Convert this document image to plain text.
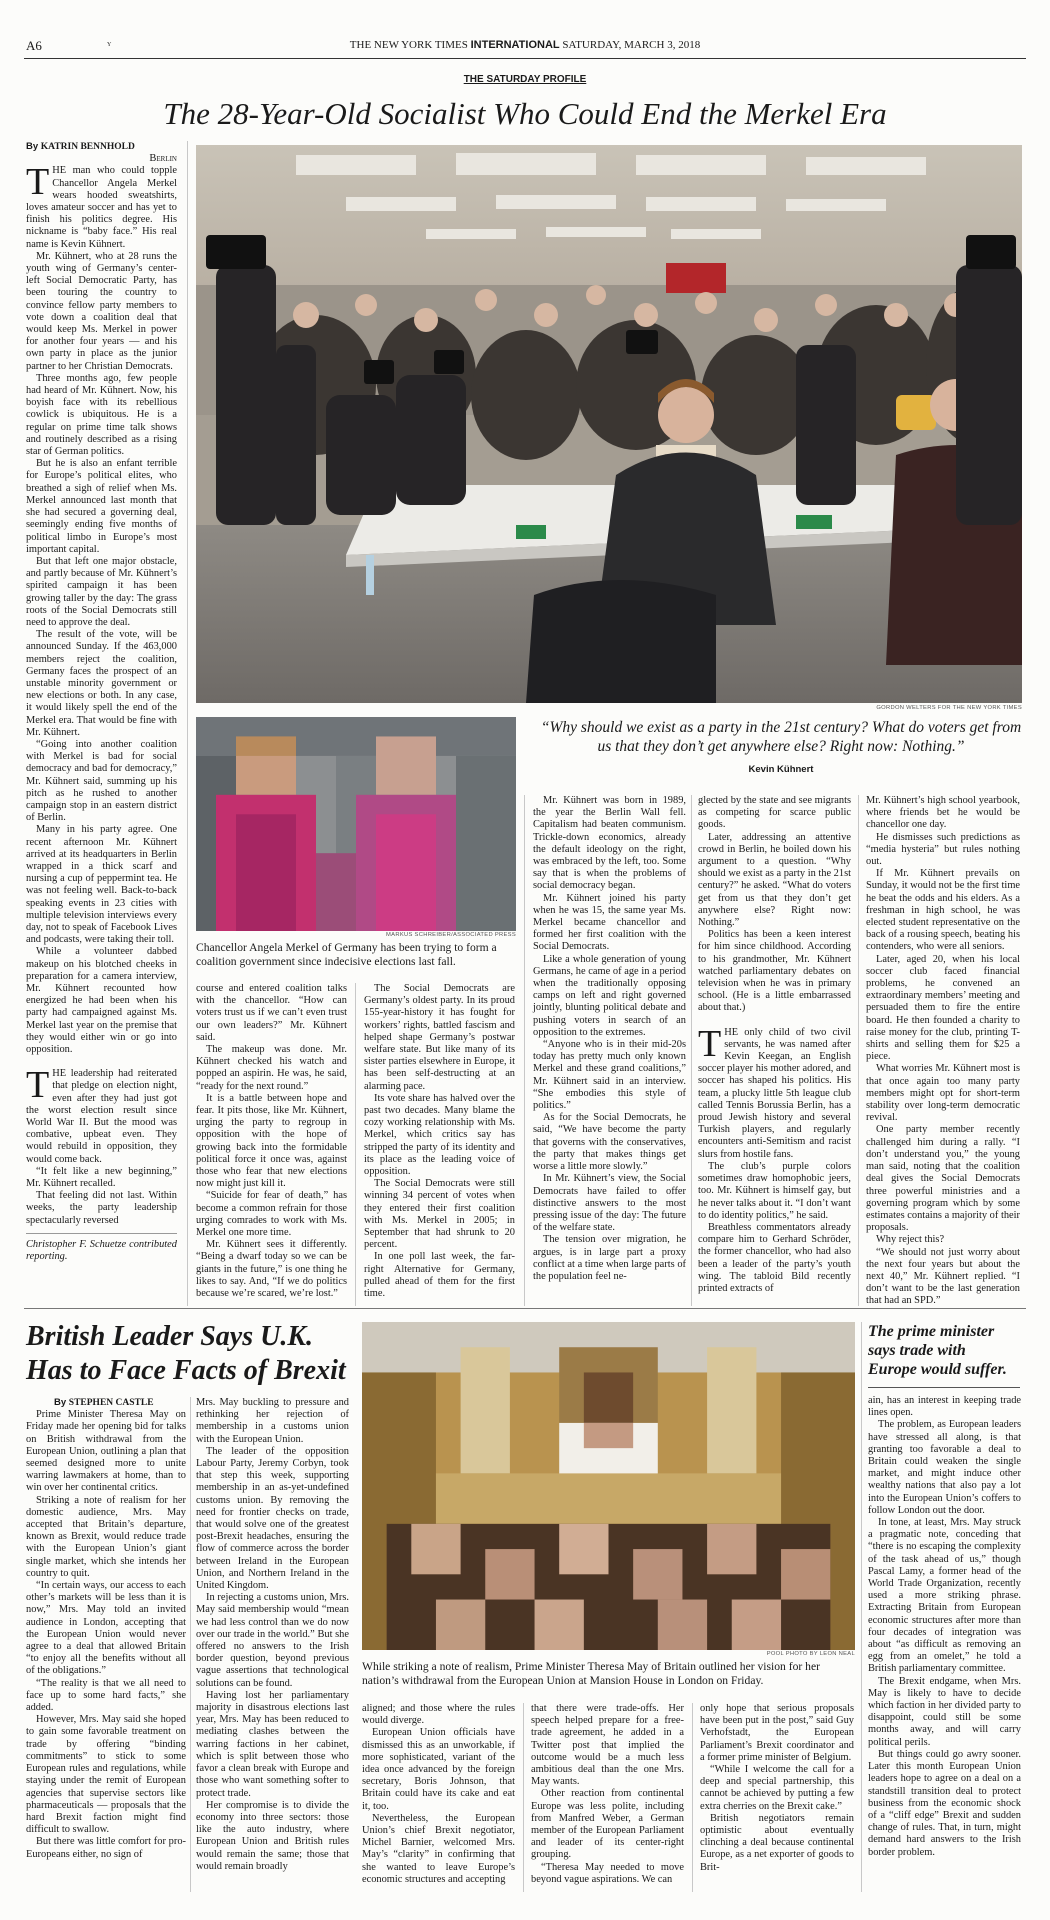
A6	Y	THE NEW YORK TIMES INTERNATIONAL SATURDAY, MARCH 3, 2018
THE SATURDAY PROFILE
The 28-Year-Old Socialist Who Could End the Merkel Era
By KATRIN BENNHOLD
Berlin

THE man who could topple Chancellor Angela Merkel wears hooded sweatshirts, loves amateur soccer and has yet to finish his politics degree. His nickname is “baby face.” His real name is Kevin Kühnert.

Mr. Kühnert, who at 28 runs the youth wing of Germany’s center-left Social Democratic Party, has been touring the country to convince fellow party members to vote down a coalition deal that would keep Ms. Merkel in power for another four years — and his own party in place as the junior partner to her Christian Democrats.

Three months ago, few people had heard of Mr. Kühnert. Now, his boyish face with its rebellious cowlick is ubiquitous. He is a regular on prime time talk shows and routinely described as a rising star of German politics.

But he is also an enfant terrible for Europe’s political elites, who breathed a sigh of relief when Ms. Merkel announced last month that she had secured a governing deal, seemingly ending five months of political limbo in Europe’s most important capital.

But that left one major obstacle, and partly because of Mr. Kühnert’s spirited campaign it has been growing taller by the day: The grass roots of the Social Democrats still need to approve the deal.

The result of the vote, will be announced Sunday. If the 463,000 members reject the coalition, Germany faces the prospect of an unstable minority government or new elections or both. In any case, it would likely spell the end of the Merkel era. That would be fine with Mr. Kühnert.

“Going into another coalition with Merkel is bad for social democracy and bad for democracy,” Mr. Kühnert said, summing up his pitch as he rushed to another campaign stop in an eastern district of Berlin.

Many in his party agree. One recent afternoon Mr. Kühnert arrived at its headquarters in Berlin wrapped in a thick scarf and nursing a cup of peppermint tea. He was not feeling well. Back-to-back speaking events in 23 cities with multiple television interviews every day, not to speak of Facebook Lives and podcasts, were taking their toll.

While a volunteer dabbed makeup on his blotched cheeks in preparation for a camera interview, Mr. Kühnert recounted how energized he had been when his party had campaigned against Ms. Merkel last year on the premise that they would either win or go into opposition.

THE leadership had reiterated that pledge on election night, even after they had just got the worst election result since World War II. But the mood was combative, upbeat even. They would rebuild in opposition, they would come back.

“It felt like a new beginning,” Mr. Kühnert recalled.

That feeling did not last. Within weeks, the party leadership spectacularly reversed

Christopher F. Schuetze contributed reporting.

GORDON WELTERS FOR THE NEW YORK TIMES
MARKUS SCHREIBER/ASSOCIATED PRESS
Chancellor Angela Merkel of Germany has been trying to form a coalition government since indecisive elections last fall.
“Why should we exist as a party in the 21st century? What do voters get from us that they don’t get anywhere else? Right now: Nothing.”
Kevin Kühnert

course and entered coalition talks with the chancellor. “How can voters trust us if we can’t even trust our own leaders?” Mr. Kühnert said.

The makeup was done. Mr. Kühnert checked his watch and popped an aspirin. He was, he said, “ready for the next round.”

It is a battle between hope and fear. It pits those, like Mr. Kühnert, urging the party to regroup in opposition with the hope of growing back into the formidable political force it once was, against those who fear that new elections now might just kill it.

“Suicide for fear of death,” has become a common refrain for those urging comrades to work with Ms. Merkel one more time.

Mr. Kühnert sees it differently. “Being a dwarf today so we can be giants in the future,” is one thing he likes to say. And, “If we do politics because we’re scared, we’re lost.”

The Social Democrats are Germany’s oldest party. In its proud 155-year-history it has fought for workers’ rights, battled fascism and helped shape Germany’s postwar welfare state. But like many of its sister parties elsewhere in Europe, it has been self-destructing at an alarming pace.

Its vote share has halved over the past two decades. Many blame the cozy working relationship with Ms. Merkel, which critics say has stripped the party of its identity and its place as the leading voice of opposition.

The Social Democrats were still winning 34 percent of votes when they entered their first coalition with Ms. Merkel in 2005; in September that had shrunk to 20 percent.

In one poll last week, the far-right Alternative for Germany, pulled ahead of them for the first time.

Mr. Kühnert was born in 1989, the year the Berlin Wall fell. Capitalism had beaten communism. Trickle-down economics, already the default ideology on the right, was embraced by the left, too. Some say that is when the problems of social democracy began.

Mr. Kühnert joined his party when he was 15, the same year Ms. Merkel became chancellor and formed her first coalition with the Social Democrats.

Like a whole generation of young Germans, he came of age in a period when the traditionally opposing camps on left and right governed jointly, blunting political debate and pushing voters in search of an opposition to the extremes.

“Anyone who is in their mid-20s today has pretty much only known Merkel and these grand coalitions,” Mr. Kühnert said in an interview. “She embodies this style of politics.”

As for the Social Democrats, he said, “We have become the party that governs with the conservatives, the party that makes things get worse a little more slowly.”

In Mr. Kühnert’s view, the Social Democrats have failed to offer distinctive answers to the most pressing issue of the day: The future of the welfare state.

The tension over migration, he argues, is in large part a proxy conflict at a time when large parts of the population feel ne-

glected by the state and see migrants as competing for scarce public goods.

Later, addressing an attentive crowd in Berlin, he boiled down his argument to a question. “Why should we exist as a party in the 21st century?” he asked. “What do voters get from us that they don’t get anywhere else? Right now: Nothing.”

Politics has been a keen interest for him since childhood. According to his grandmother, Mr. Kühnert watched parliamentary debates on television when he was in primary school. (He is a little embarrassed about that.)

THE only child of two civil servants, he was named after Kevin Keegan, an English soccer player his mother adored, and soccer has shaped his politics. His team, a plucky little 5th league club called Tennis Borussia Berlin, has a proud Jewish history and several Turkish players, and regularly encounters anti-Semitism and racist slurs from hostile fans.

The club’s purple colors sometimes draw homophobic jeers, too. Mr. Kühnert is himself gay, but he never talks about it. “I don’t want to do identity politics,” he said.

Breathless commentators already compare him to Gerhard Schröder, the former chancellor, who had also been a leader of the party’s youth wing. The tabloid Bild recently printed extracts of

Mr. Kühnert’s high school yearbook, where friends bet he would be chancellor one day.

He dismisses such predictions as “media hysteria” but rules nothing out.

If Mr. Kühnert prevails on Sunday, it would not be the first time he beat the odds and his elders. As a freshman in high school, he was elected student representative on the back of a rousing speech, beating his contenders, who were all seniors.

Later, aged 20, when his local soccer club faced financial problems, he convened an extraordinary members’ meeting and persuaded them to fire the entire board. He then founded a charity to raise money for the club, printing T-shirts and selling them for $25 a piece.

What worries Mr. Kühnert most is that once again too many party members might opt for short-term stability over long-term democratic revival.

One party member recently challenged him during a rally. “I don’t understand you,” the young man said, noting that the coalition deal gives the Social Democrats three powerful ministries and a governing program which by some estimates contains a majority of their proposals.

Why reject this?

“We should not just worry about the next four years but about the next 40,” Mr. Kühnert replied. “I don’t want to be the last generation that had an SPD.”

British Leader Says U.K. Has to Face Facts of Brexit
By STEPHEN CASTLE

Prime Minister Theresa May on Friday made her opening bid for talks on British withdrawal from the European Union, outlining a plan that seemed designed more to unite warring lawmakers at home, than to win over her continental critics.

Striking a note of realism for her domestic audience, Mrs. May accepted that Britain’s departure, known as Brexit, would reduce trade with the European Union’s giant single market, which she intends her country to quit.

“In certain ways, our access to each other’s markets will be less than it is now,” Mrs. May told an invited audience in London, accepting that the European Union would never agree to a deal that allowed Britain “to enjoy all the benefits without all of the obligations.”

“The reality is that we all need to face up to some hard facts,” she added.

However, Mrs. May said she hoped to gain some favorable treatment on trade by offering “binding commitments” to stick to some European rules and regulations, while staying under the remit of European agencies that supervise sectors like pharmaceuticals — proposals that the hard Brexit faction might find difficult to swallow.

But there was little comfort for pro-Europeans either, no sign of

Mrs. May buckling to pressure and rethinking her rejection of membership in a customs union with the European Union.

The leader of the opposition Labour Party, Jeremy Corbyn, took that step this week, supporting membership in an as-yet-undefined customs union. By removing the need for frontier checks on trade, that would solve one of the greatest post-Brexit headaches, ensuring the flow of commerce across the border between Ireland in the European Union, and Northern Ireland in the United Kingdom.

In rejecting a customs union, Mrs. May said membership would “mean we had less control than we do now over our trade in the world.” But she offered no answers to the Irish border question, beyond previous vague assertions that technological solutions can be found.

Having lost her parliamentary majority in disastrous elections last year, Mrs. May has been reduced to mediating clashes between the warring factions in her cabinet, which is split between those who favor a clean break with Europe and those who want something softer to protect trade.

Her compromise is to divide the economy into three sectors: those like the auto industry, where European Union and British rules would remain the same; those that would remain broadly

POOL PHOTO BY LEON NEAL
While striking a note of realism, Prime Minister Theresa May of Britain outlined her vision for her nation’s withdrawal from the European Union at Mansion House in London on Friday.

aligned; and those where the rules would diverge.

European Union officials have dismissed this as an unworkable, if more sophisticated, variant of the idea once advanced by the foreign secretary, Boris Johnson, that Britain could have its cake and eat it, too.

Nevertheless, the European Union’s chief Brexit negotiator, Michel Barnier, welcomed Mrs. May’s “clarity” in confirming that she wanted to leave Europe’s economic structures and accepting

that there were trade-offs. Her speech helped prepare for a free-trade agreement, he added in a Twitter post that implied the outcome would be a much less ambitious deal than the one Mrs. May wants.

Other reaction from continental Europe was less polite, including from Manfred Weber, a German member of the European Parliament and leader of its center-right grouping.

“Theresa May needed to move beyond vague aspirations. We can

only hope that serious proposals have been put in the post,” said Guy Verhofstadt, the European Parliament’s Brexit coordinator and a former prime minister of Belgium.

“While I welcome the call for a deep and special partnership, this cannot be achieved by putting a few extra cherries on the Brexit cake.”

British negotiators remain optimistic about eventually clinching a deal because continental Europe, as a net exporter of goods to Brit-

The prime minister says trade with Europe would suffer.

ain, has an interest in keeping trade lines open.

The problem, as European leaders have stressed all along, is that granting too favorable a deal to Britain could weaken the single market, and might induce other wealthy nations that also pay a lot into the European Union’s coffers to follow London out the door.

In tone, at least, Mrs. May struck a pragmatic note, conceding that “there is no escaping the complexity of the task ahead of us,” though Pascal Lamy, a former head of the World Trade Organization, recently used a more striking phrase. Extracting Britain from European economic structures after more than four decades of integration was about “as difficult as removing an egg from an omelet,” he told a British parliamentary committee.

The Brexit endgame, when Mrs. May is likely to have to decide which faction in her divided party to disappoint, could still be some months away, and will carry political perils.

But things could go awry sooner. Later this month European Union leaders hope to agree on a deal on a standstill transition deal to protect business from the economic shock of a “cliff edge” Brexit and sudden change of rules. That, in turn, might demand hard answers to the Irish border problem.
